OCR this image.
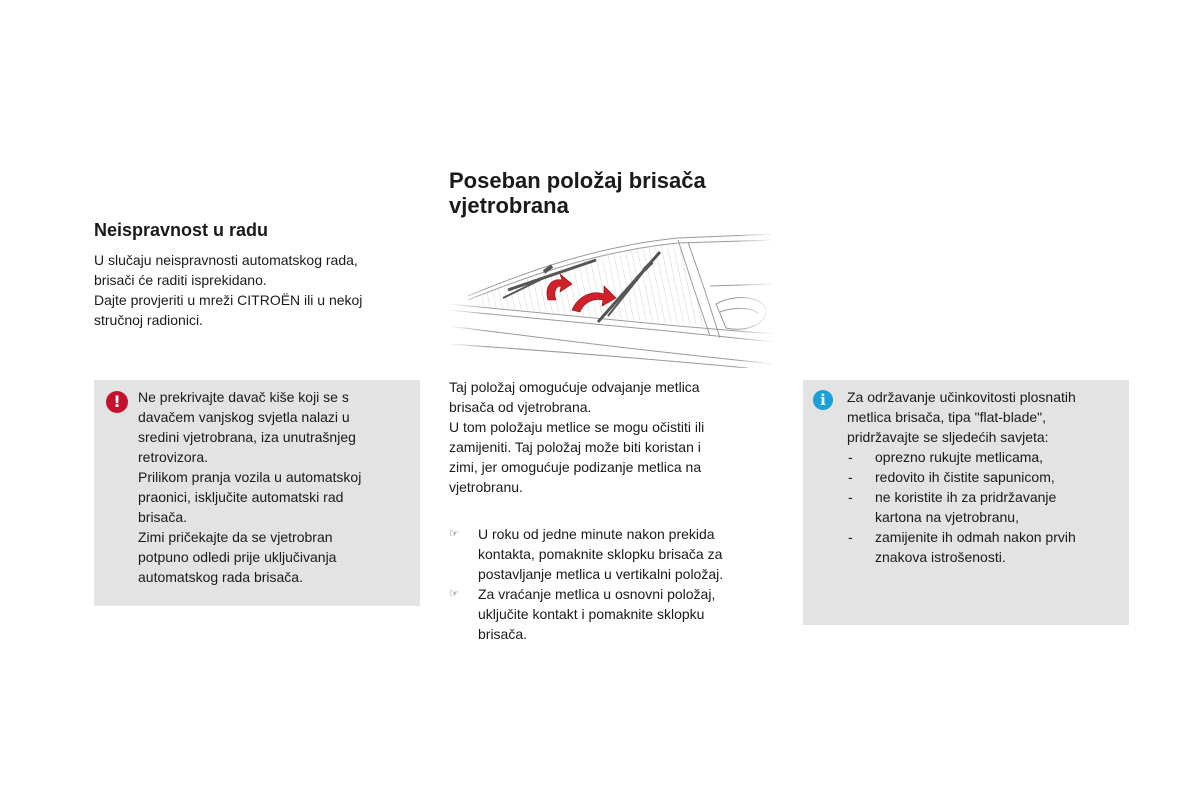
Neispravnost u radu

U slučaju neispravnosti automatskog rada,

brisači će raditi isprekidano.

Dajte provjeriti u mreži CITROËN ili u nekoj

stručnoj radionici.

!	Ne prekrivajte davač kiše koji se s

davačem vanjskog svjetla nalazi u

sredini vjetrobrana, iza unutrašnjeg

retrovizora.

Prilikom pranja vozila u automatskoj

praonici, isključite automatski rad

brisača.

Zimi pričekajte da se vjetrobran

potpuno odledi prije uključivanja

automatskog rada brisača.

Poseban položaj brisača
vjetrobrana

Taj položaj omogućuje odvajanje metlica

brisača od vjetrobrana.

U tom položaju metlice se mogu očistiti ili

zamijeniti. Taj položaj može biti koristan i

zimi, jer omogućuje podizanje metlica na

vjetrobranu.

☞ U roku od jedne minute nakon prekida
kontakta, pomaknite sklopku brisača za
postavljanje metlica u vertikalni položaj.
☞ Za vraćanje metlica u osnovni položaj,
uključite kontakt i pomaknite sklopku
brisača.
i	Za održavanje učinkovitosti plosnatih

metlica brisača, tipa "flat-blade",

pridržavajte se sljedećih savjeta:

- oprezno rukujte metlicama,
- redovito ih čistite sapunicom,
- ne koristite ih za pridržavanje
kartona na vjetrobranu,
- zamijenite ih odmah nakon prvih
znakova istrošenosti.
